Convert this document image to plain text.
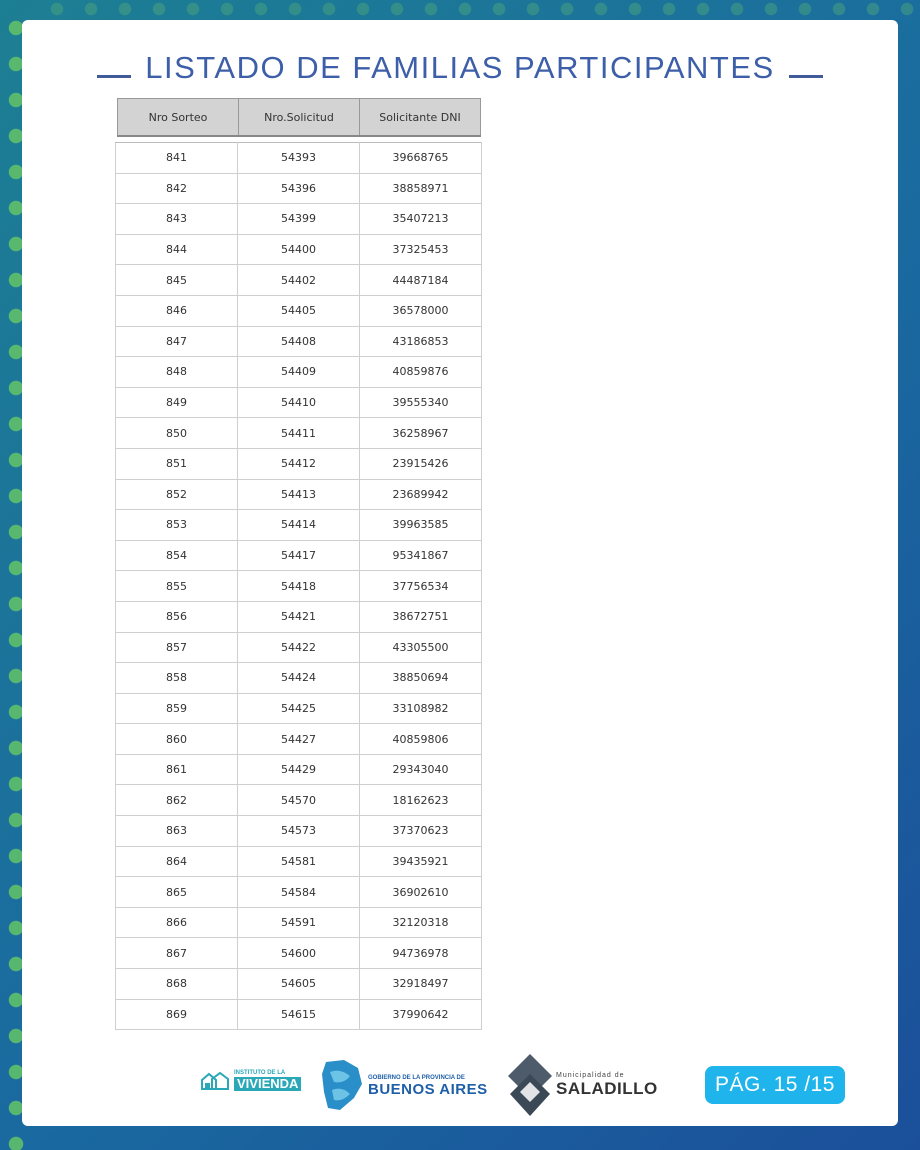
LISTADO DE FAMILIAS PARTICIPANTES
Nro Sorteo	Nro.Solicitud	Solicitante DNI
841	54393	39668765
842	54396	38858971
843	54399	35407213
844	54400	37325453
845	54402	44487184
846	54405	36578000
847	54408	43186853
848	54409	40859876
849	54410	39555340
850	54411	36258967
851	54412	23915426
852	54413	23689942
853	54414	39963585
854	54417	95341867
855	54418	37756534
856	54421	38672751
857	54422	43305500
858	54424	38850694
859	54425	33108982
860	54427	40859806
861	54429	29343040
862	54570	18162623
863	54573	37370623
864	54581	39435921
865	54584	36902610
866	54591	32120318
867	54600	94736978
868	54605	32918497
869	54615	37990642
INSTITUTO DE LA
VIVIENDA	GOBIERNO DE LA PROVINCIA DE
BUENOS AIRES
Municipalidad de
SALADILLO	PÁG. 15 /15
